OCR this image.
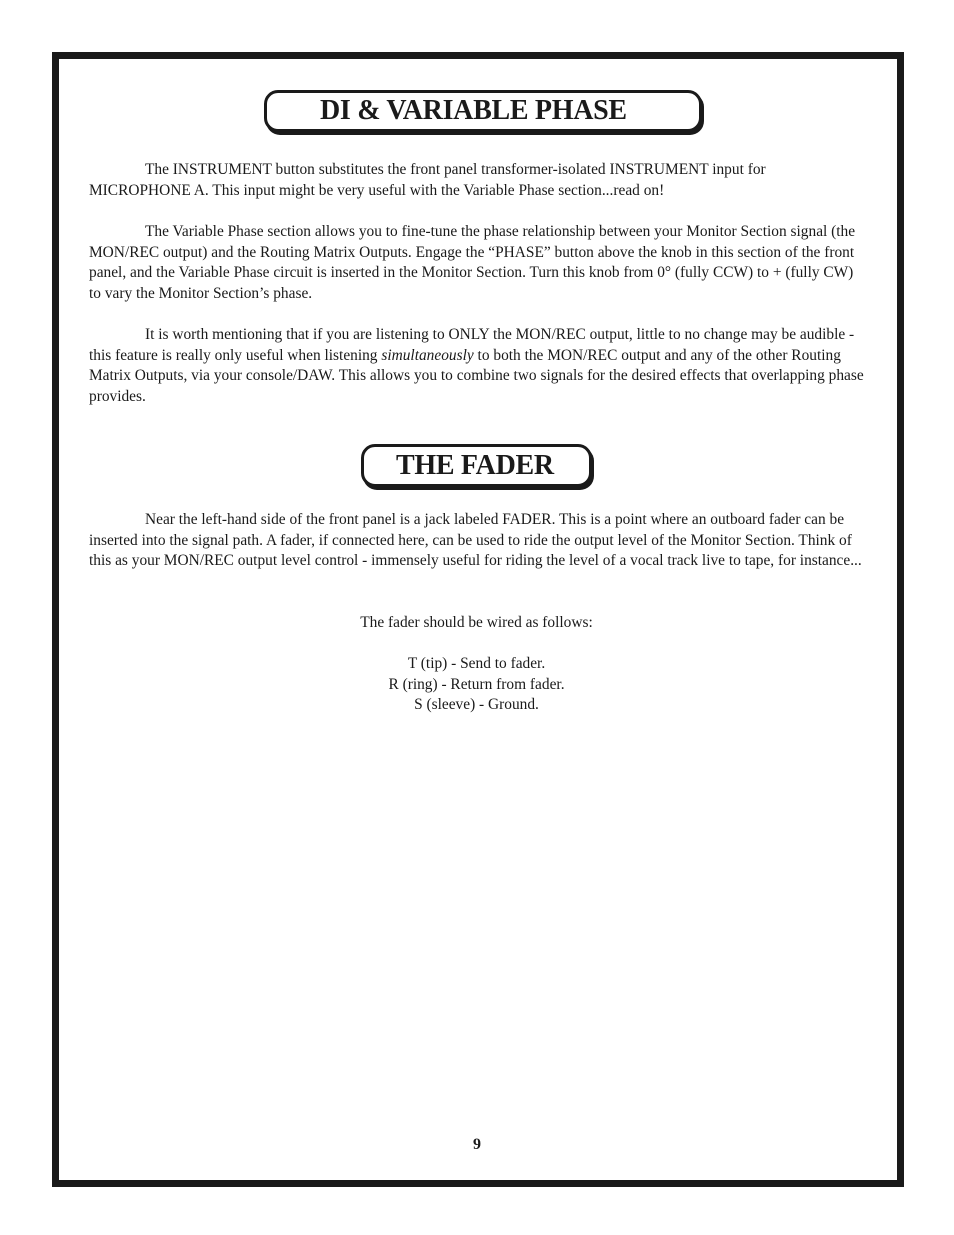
DI & VARIABLE PHASE

The INSTRUMENT button substitutes the front panel transformer-isolated INSTRUMENT input for MICROPHONE A. This input might be very useful with the Variable Phase section...read on!

The Variable Phase section allows you to fine-tune the phase relationship between your Monitor Section signal (the MON/REC output) and the Routing Matrix Outputs. Engage the “PHASE” button above the knob in this section of the front panel, and the Variable Phase circuit is inserted in the Monitor Section. Turn this knob from 0° (fully CCW) to + (fully CW) to vary the Monitor Section’s phase.

It is worth mentioning that if you are listening to ONLY the MON/REC output, little to no change may be audible - this feature is really only useful when listening simultaneously to both the MON/REC output and any of the other Routing Matrix Outputs, via your console/DAW. This allows you to combine two signals for the desired effects that overlapping phase provides.

THE FADER

Near the left-hand side of the front panel is a jack labeled FADER. This is a point where an outboard fader can be inserted into the signal path. A fader, if connected here, can be used to ride the output level of the Monitor Section. Think of this as your MON/REC output level control - immensely useful for riding the level of a vocal track live to tape, for instance...

The fader should be wired as follows:

T (tip) - Send to fader.
R (ring) - Return from fader.
S (sleeve) - Ground.
9
